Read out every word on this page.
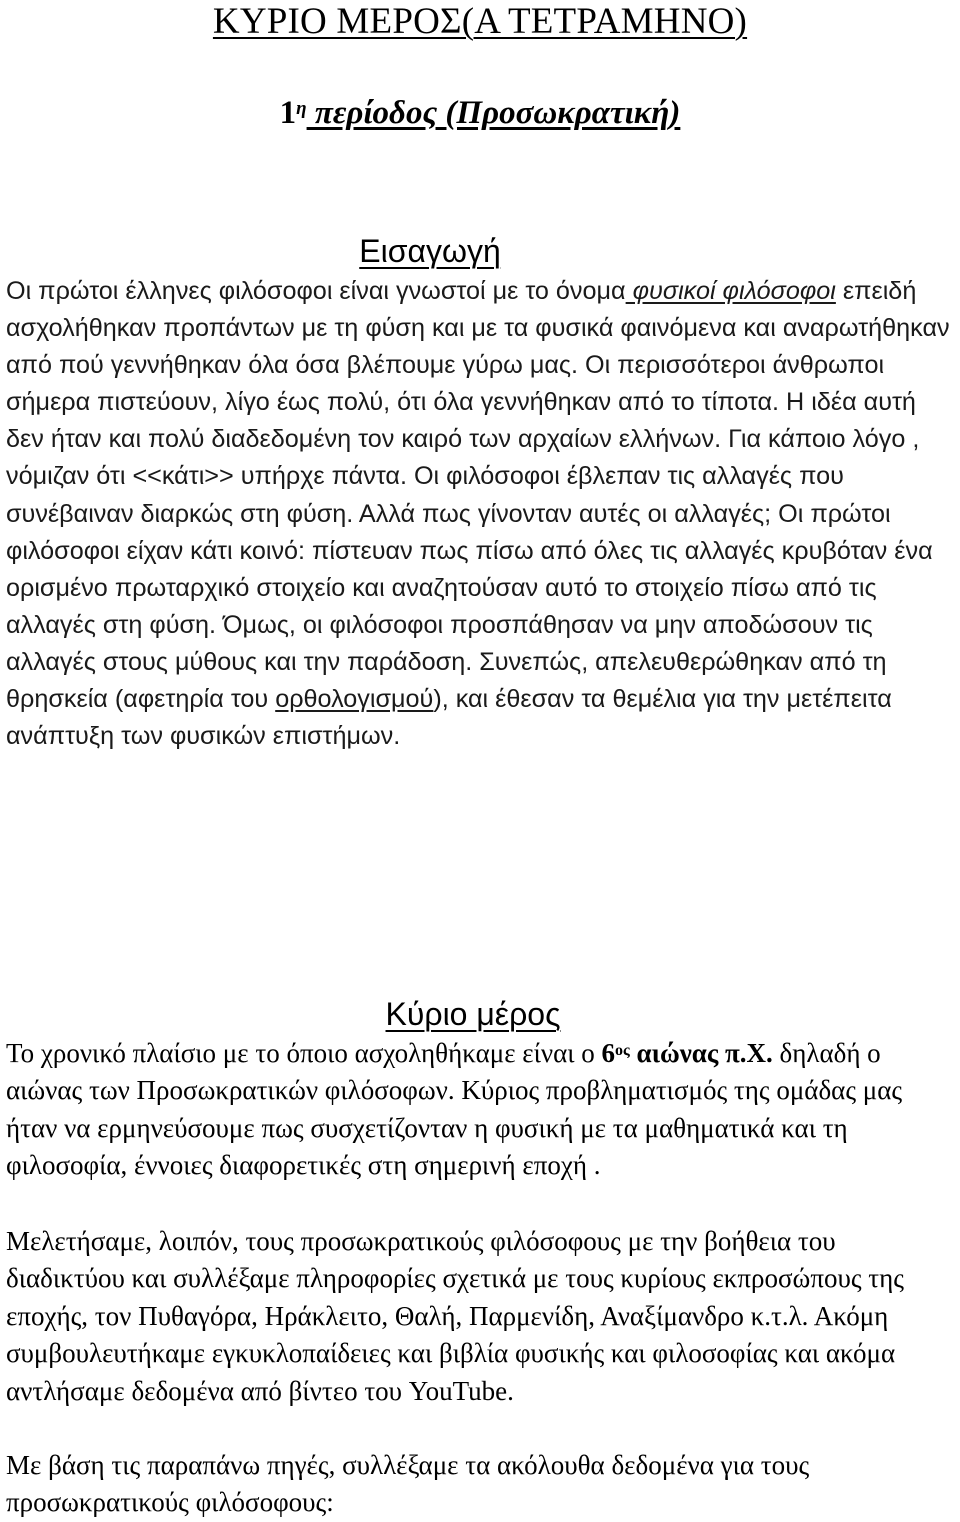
ΚΥΡΙΟ ΜΕΡΟΣ(Α ΤΕΤΡΑΜΗΝΟ)
$1^\eta$ περίοδος (Προσωκρατική)
Εισαγωγή

Οι πρώτοι έλληνες φιλόσοφοι είναι γνωστοί με το όνομα φυσικοί φιλόσοφοι επειδή ασχολήθηκαν προπάντων με τη φύση και με τα φυσικά φαινόμενα και αναρωτήθηκαν από πού γεννήθηκαν όλα όσα βλέπουμε γύρω μας. Οι περισσότεροι άνθρωποι σήμερα πιστεύουν, λίγο έως πολύ, ότι όλα γεννήθηκαν από το τίποτα. Η ιδέα αυτή δεν ήταν και πολύ διαδεδομένη τον καιρό των αρχαίων ελλήνων. Για κάποιο λόγο , νόμιζαν ότι <<κάτι>> υπήρχε πάντα. Οι φιλόσοφοι έβλεπαν τις αλλαγές που συνέβαιναν διαρκώς στη φύση. Αλλά πως γίνονταν αυτές οι αλλαγές; Οι πρώτοι φιλόσοφοι είχαν κάτι κοινό: πίστευαν πως πίσω από όλες τις αλλαγές κρυβόταν ένα ορισμένο πρωταρχικό στοιχείο και αναζητούσαν αυτό το στοιχείο πίσω από τις αλλαγές στη φύση. Όμως, οι φιλόσοφοι προσπάθησαν να μην αποδώσουν τις αλλαγές στους μύθους και την παράδοση. Συνεπώς, απελευθερώθηκαν από τη θρησκεία (αφετηρία του ορθολογισμού), και έθεσαν τα θεμέλια για την μετέπειτα ανάπτυξη των φυσικών επιστήμων.

Κύριο μέρος

Το χρονικό πλαίσιο με το όποιο ασχοληθήκαμε είναι ο $6^{o\varsigma}$ αιώνας π.Χ. δηλαδή ο αιώνας των Προσωκρατικών φιλόσοφων. Κύριος προβληματισμός της ομάδας μας ήταν να ερμηνεύσουμε πως συσχετίζονταν η φυσική με τα μαθηματικά και τη φιλοσοφία, έννοιες διαφορετικές στη σημερινή εποχή .

Μελετήσαμε, λοιπόν, τους προσωκρατικούς φιλόσοφους με την βοήθεια του διαδικτύου και συλλέξαμε πληροφορίες σχετικά με τους κυρίους εκπροσώπους της εποχής, τον Πυθαγόρα, Ηράκλειτο, Θαλή, Παρμενίδη, Αναξίμανδρο κ.τ.λ. Ακόμη συμβουλευτήκαμε εγκυκλοπαίδειες και βιβλία φυσικής και φιλοσοφίας και ακόμα αντλήσαμε δεδομένα από βίντεο του YouTube.

Με βάση τις παραπάνω πηγές, συλλέξαμε τα ακόλουθα δεδομένα για τους προσωκρατικούς φιλόσοφους:
